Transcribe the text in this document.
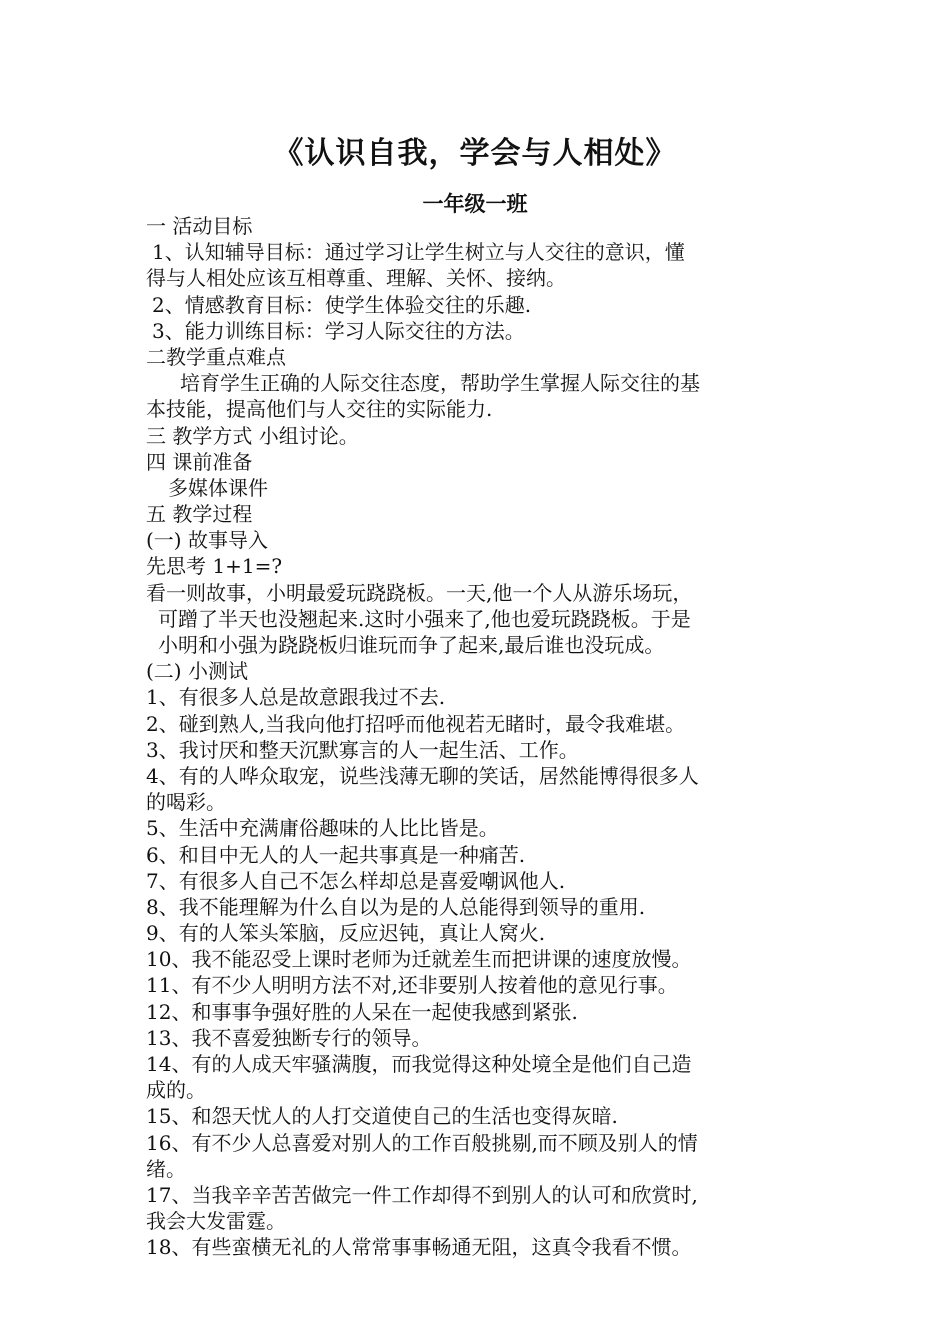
《认识自我，学会与人相处》
一年级一班
一 活动目标
1、认知辅导目标：通过学习让学生树立与人交往的意识，懂
得与人相处应该互相尊重、理解、关怀、接纳。
2、情感教育目标：使学生体验交往的乐趣.
3、能力训练目标：学习人际交往的方法。
二教学重点难点
培育学生正确的人际交往态度，帮助学生掌握人际交往的基
本技能，提高他们与人交往的实际能力.
三 教学方式 小组讨论。
四 课前准备
多媒体课件
五 教学过程
(一) 故事导入
先思考 1+1=?
看一则故事，小明最爱玩跷跷板。一天,他一个人从游乐场玩，
可蹭了半天也没翘起来.这时小强来了,他也爱玩跷跷板。于是
小明和小强为跷跷板归谁玩而争了起来,最后谁也没玩成。
(二) 小测试
1、有很多人总是故意跟我过不去.
2、碰到熟人,当我向他打招呼而他视若无睹时，最令我难堪。
3、我讨厌和整天沉默寡言的人一起生活、工作。
4、有的人哗众取宠，说些浅薄无聊的笑话，居然能博得很多人
的喝彩。
5、生活中充满庸俗趣味的人比比皆是。
6、和目中无人的人一起共事真是一种痛苦.
7、有很多人自己不怎么样却总是喜爱嘲讽他人.
8、我不能理解为什么自以为是的人总能得到领导的重用.
9、有的人笨头笨脑，反应迟钝，真让人窝火.
10、我不能忍受上课时老师为迁就差生而把讲课的速度放慢。
11、有不少人明明方法不对,还非要别人按着他的意见行事。
12、和事事争强好胜的人呆在一起使我感到紧张.
13、我不喜爱独断专行的领导。
14、有的人成天牢骚满腹，而我觉得这种处境全是他们自己造
成的。
15、和怨天忧人的人打交道使自己的生活也变得灰暗.
16、有不少人总喜爱对别人的工作百般挑剔,而不顾及别人的情
绪。
17、当我辛辛苦苦做完一件工作却得不到别人的认可和欣赏时,
我会大发雷霆。
18、有些蛮横无礼的人常常事事畅通无阻，这真令我看不惯。
